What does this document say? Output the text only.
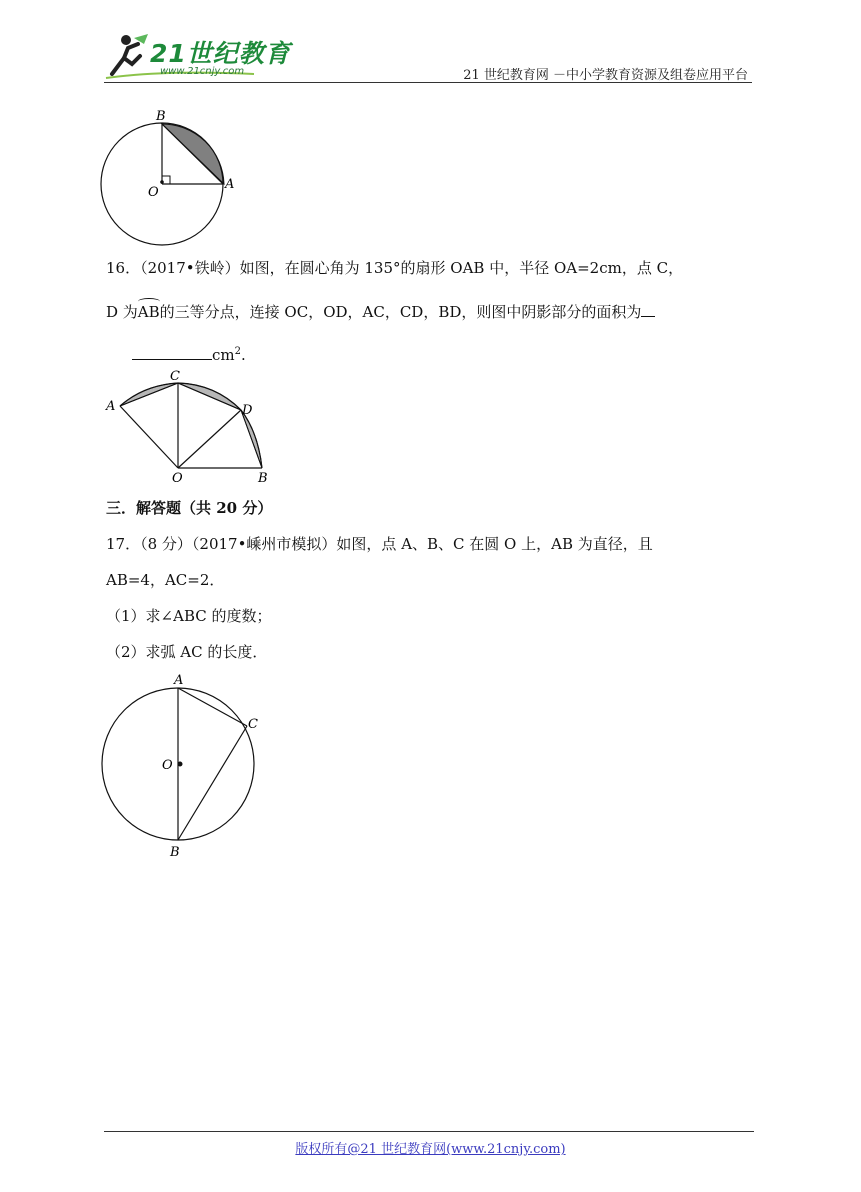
21世纪教育
www.21cnjy.com	21 世纪教育网 －中小学教育资源及组卷应用平台
B
O
A
16．（2017•铁岭）如图，在圆心角为 135°的扇形 OAB 中，半径 OA=2cm，点 C，
D 为AB的三等分点，连接 OC，OD，AC，CD，BD，则图中阴影部分的面积为
$cm^2$.
A
C
D
O	B
三．解答题（共 20 分）
17．（8 分）（2017•嵊州市模拟）如图，点 A、B、C 在圆 O 上，AB 为直径，且
AB=4，AC=2．
（1）求∠ABC 的度数；
（2）求弧 AC 的长度．
A
C
O
B
版权所有@21 世纪教育网(www.21cnjy.com)
